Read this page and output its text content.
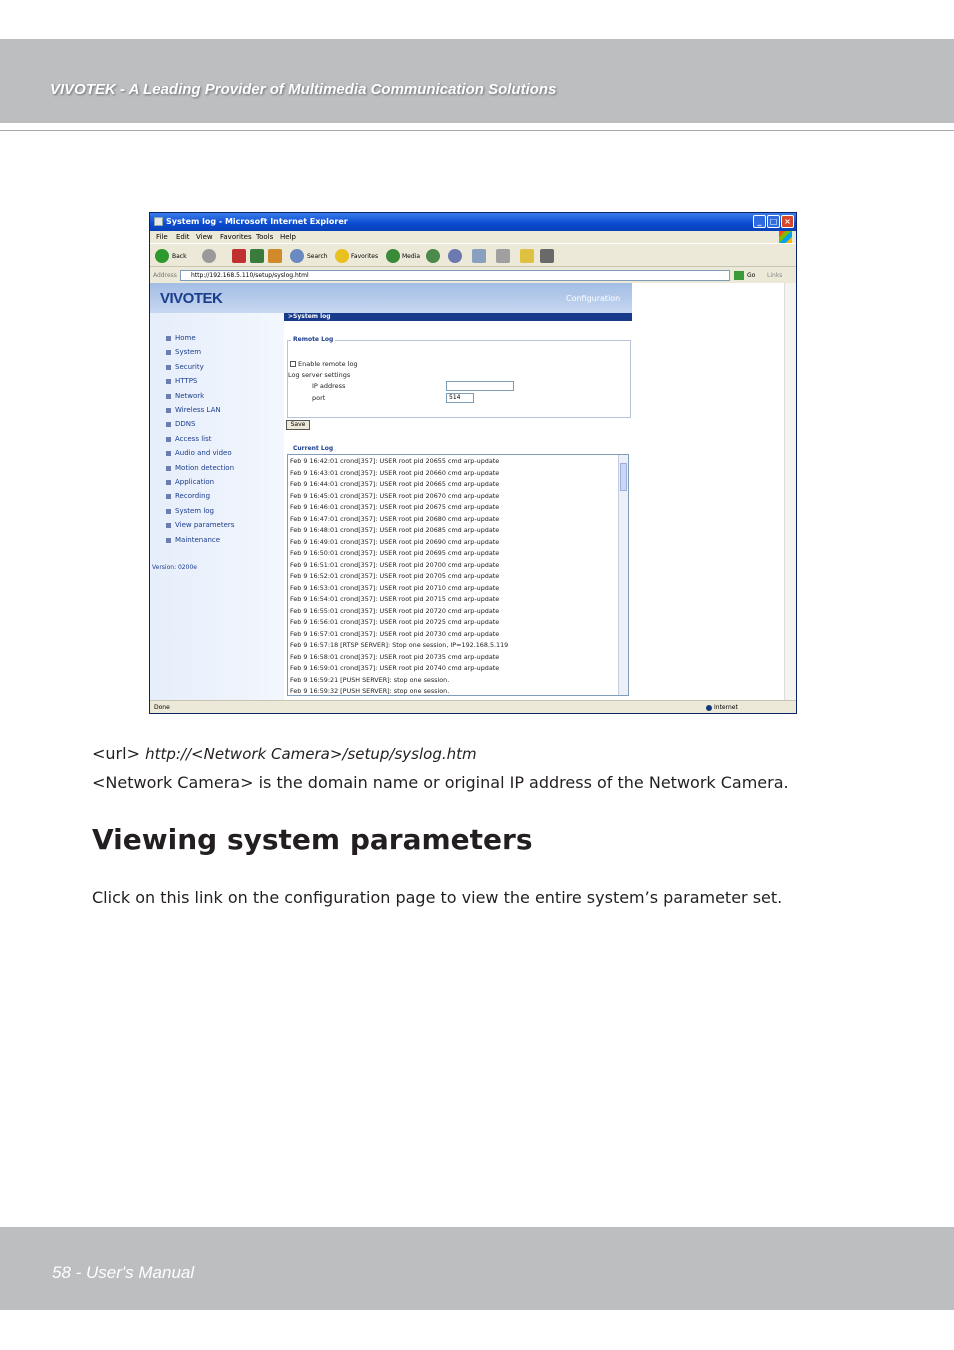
VIVOTEK - A Leading Provider of Multimedia Communication Solutions
System log - Microsoft Internet Explorer	_	□ ×
File Edit View Favorites Tools Help
Back	Search	Favorites	Media
Address	http://192.168.5.110/setup/syslog.html	Go Links
VIVOTEK	Configuration
Home
System
Security
HTTPS
Network
Wireless LAN
DDNS
Access list
Audio and video
Motion detection
Application
Recording
System log
View parameters
Maintenance
Version: 0200e
>System log
Remote Log
Enable remote log
Log server settings
IP address
port	514
Save
Current Log
Feb 9 16:42:01 crond[357]: USER root pid 20655 cmd arp-update
Feb 9 16:43:01 crond[357]: USER root pid 20660 cmd arp-update
Feb 9 16:44:01 crond[357]: USER root pid 20665 cmd arp-update
Feb 9 16:45:01 crond[357]: USER root pid 20670 cmd arp-update
Feb 9 16:46:01 crond[357]: USER root pid 20675 cmd arp-update
Feb 9 16:47:01 crond[357]: USER root pid 20680 cmd arp-update
Feb 9 16:48:01 crond[357]: USER root pid 20685 cmd arp-update
Feb 9 16:49:01 crond[357]: USER root pid 20690 cmd arp-update
Feb 9 16:50:01 crond[357]: USER root pid 20695 cmd arp-update
Feb 9 16:51:01 crond[357]: USER root pid 20700 cmd arp-update
Feb 9 16:52:01 crond[357]: USER root pid 20705 cmd arp-update
Feb 9 16:53:01 crond[357]: USER root pid 20710 cmd arp-update
Feb 9 16:54:01 crond[357]: USER root pid 20715 cmd arp-update
Feb 9 16:55:01 crond[357]: USER root pid 20720 cmd arp-update
Feb 9 16:56:01 crond[357]: USER root pid 20725 cmd arp-update
Feb 9 16:57:01 crond[357]: USER root pid 20730 cmd arp-update
Feb 9 16:57:18 [RTSP SERVER]: Stop one session, IP=192.168.5.119
Feb 9 16:58:01 crond[357]: USER root pid 20735 cmd arp-update
Feb 9 16:59:01 crond[357]: USER root pid 20740 cmd arp-update
Feb 9 16:59:21 [PUSH SERVER]: stop one session.
Feb 9 16:59:32 [PUSH SERVER]: stop one session.
Done	Internet
<url> http://<Network Camera>/setup/syslog.htm
<Network Camera> is the domain name or original IP address of the Network Camera.
Viewing system parameters
Click on this link on the configuration page to view the entire system’s parameter set.
58 - User's Manual
